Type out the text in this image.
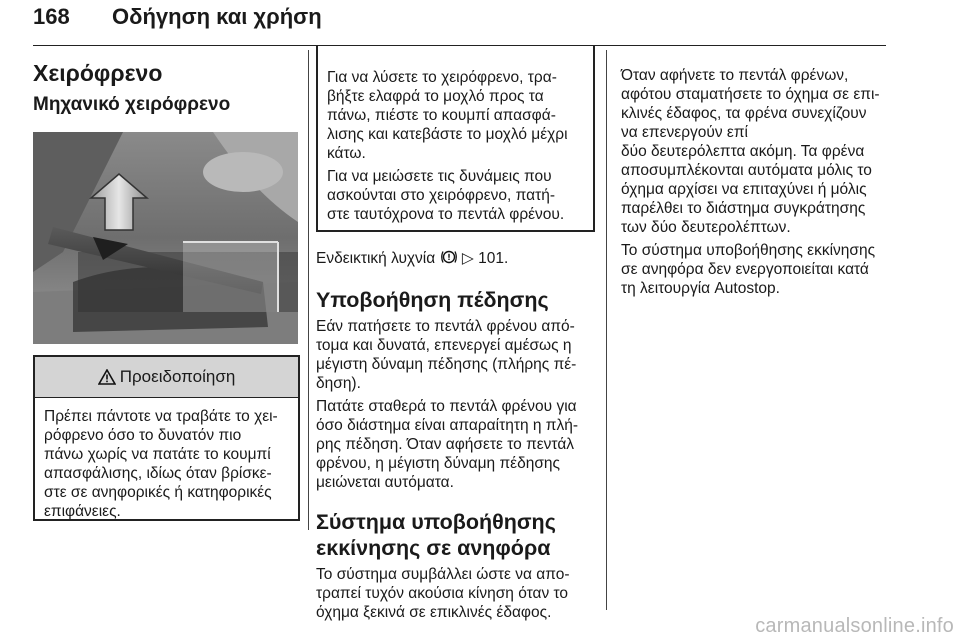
168 Οδήγηση και χρήση
Χειρόφρενο
Μηχανικό χειρόφρενο
Προειδοποίηση
Πρέπει πάντοτε να τραβάτε το χει-
ρόφρενο όσο το δυνατόν πιο
πάνω χωρίς να πατάτε το κουμπί
απασφάλισης, ιδίως όταν βρίσκε-
στε σε ανηφορικές ή κατηφορικές
επιφάνειες.

Για να λύσετε το χειρόφρενο, τρα-
βήξτε ελαφρά το μοχλό προς τα
πάνω, πιέστε το κουμπί απασφά-
λισης και κατεβάστε το μοχλό μέχρι
κάτω.

Για να μειώσετε τις δυνάμεις που
ασκούνται στο χειρόφρενο, πατή-
στε ταυτόχρονα το πεντάλ φρένου.

Ενδεικτική λυχνία ▷ 101.

Υποβοήθηση πέδησης

Εάν πατήσετε το πεντάλ φρένου από-
τομα και δυνατά, επενεργεί αμέσως η
μέγιστη δύναμη πέδησης (πλήρης πέ-
δηση).

Πατάτε σταθερά το πεντάλ φρένου για
όσο διάστημα είναι απαραίτητη η πλή-
ρης πέδηση. Όταν αφήσετε το πεντάλ
φρένου, η μέγιστη δύναμη πέδησης
μειώνεται αυτόματα.

Σύστημα υποβοήθησης
εκκίνησης σε ανηφόρα

Το σύστημα συμβάλλει ώστε να απο-
τραπεί τυχόν ακούσια κίνηση όταν το
όχημα ξεκινά σε επικλινές έδαφος.

Όταν αφήνετε το πεντάλ φρένων,
αφότου σταματήσετε το όχημα σε επι-
κλινές έδαφος, τα φρένα συνεχίζουν
να επενεργούν επί
δύο δευτερόλεπτα ακόμη. Τα φρένα
αποσυμπλέκονται αυτόματα μόλις το
όχημα αρχίσει να επιταχύνει ή μόλις
παρέλθει το διάστημα συγκράτησης
των δύο δευτερολέπτων.

Το σύστημα υποβοήθησης εκκίνησης
σε ανηφόρα δεν ενεργοποιείται κατά
τη λειτουργία Autostop.

carmanualsonline.info
